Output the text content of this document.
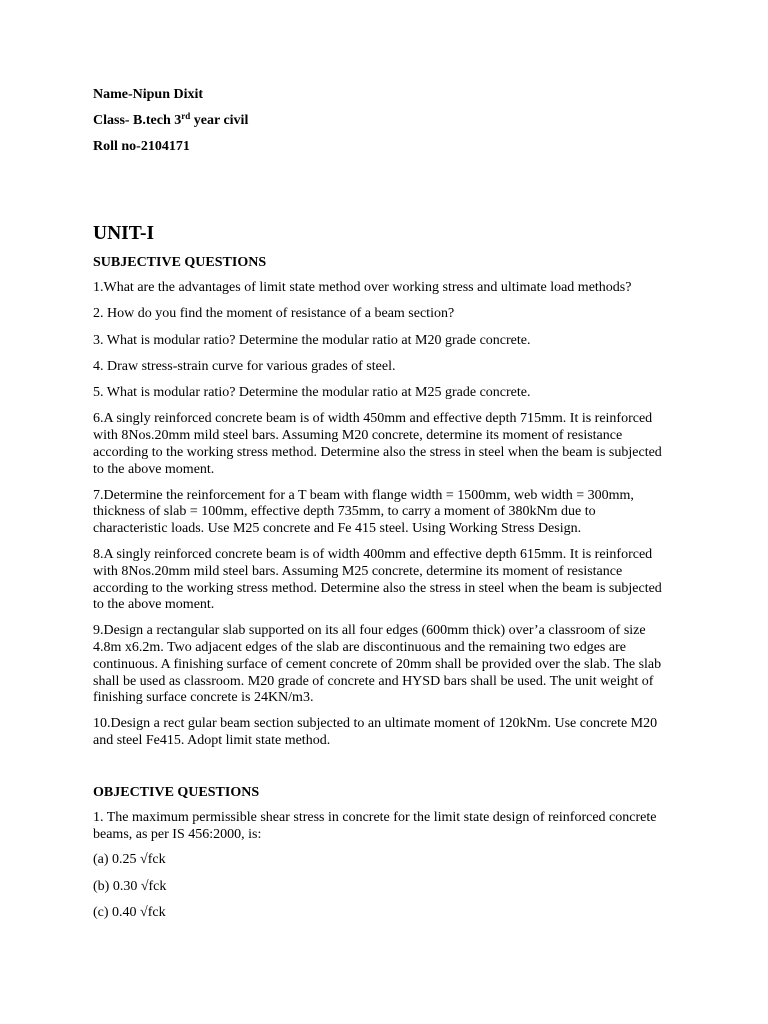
Name-Nipun Dixit
Class- B.tech 3rd year civil
Roll no-2104171
UNIT-I
SUBJECTIVE QUESTIONS

1.What are the advantages of limit state method over working stress and ultimate load methods?

2. How do you find the moment of resistance of a beam section?

3. What is modular ratio? Determine the modular ratio at M20 grade concrete.

4. Draw stress-strain curve for various grades of steel.

5. What is modular ratio? Determine the modular ratio at M25 grade concrete.

6.A singly reinforced concrete beam is of width 450mm and effective depth 715mm. It is reinforced with 8Nos.20mm mild steel bars. Assuming M20 concrete, determine its moment of resistance according to the working stress method. Determine also the stress in steel when the beam is subjected to the above moment.

7.Determine the reinforcement for a T beam with flange width = 1500mm, web width = 300mm, thickness of slab = 100mm, effective depth 735mm, to carry a moment of 380kNm due to characteristic loads. Use M25 concrete and Fe 415 steel. Using Working Stress Design.

8.A singly reinforced concrete beam is of width 400mm and effective depth 615mm. It is reinforced with 8Nos.20mm mild steel bars. Assuming M25 concrete, determine its moment of resistance according to the working stress method. Determine also the stress in steel when the beam is subjected to the above moment.

9.Design a rectangular slab supported on its all four edges (600mm thick) over’a classroom of size 4.8m x6.2m. Two adjacent edges of the slab are discontinuous and the remaining two edges are continuous. A finishing surface of cement concrete of 20mm shall be provided over the slab. The slab shall be used as classroom. M20 grade of concrete and HYSD bars shall be used. The unit weight of finishing surface concrete is 24KN/m3.

10.Design a rect gular beam section subjected to an ultimate moment of 120kNm. Use concrete M20 and steel Fe415. Adopt limit state method.

OBJECTIVE QUESTIONS

1. The maximum permissible shear stress in concrete for the limit state design of reinforced concrete beams, as per IS 456:2000, is:

(a) 0.25 √fck

(b) 0.30 √fck

(c) 0.40 √fck
